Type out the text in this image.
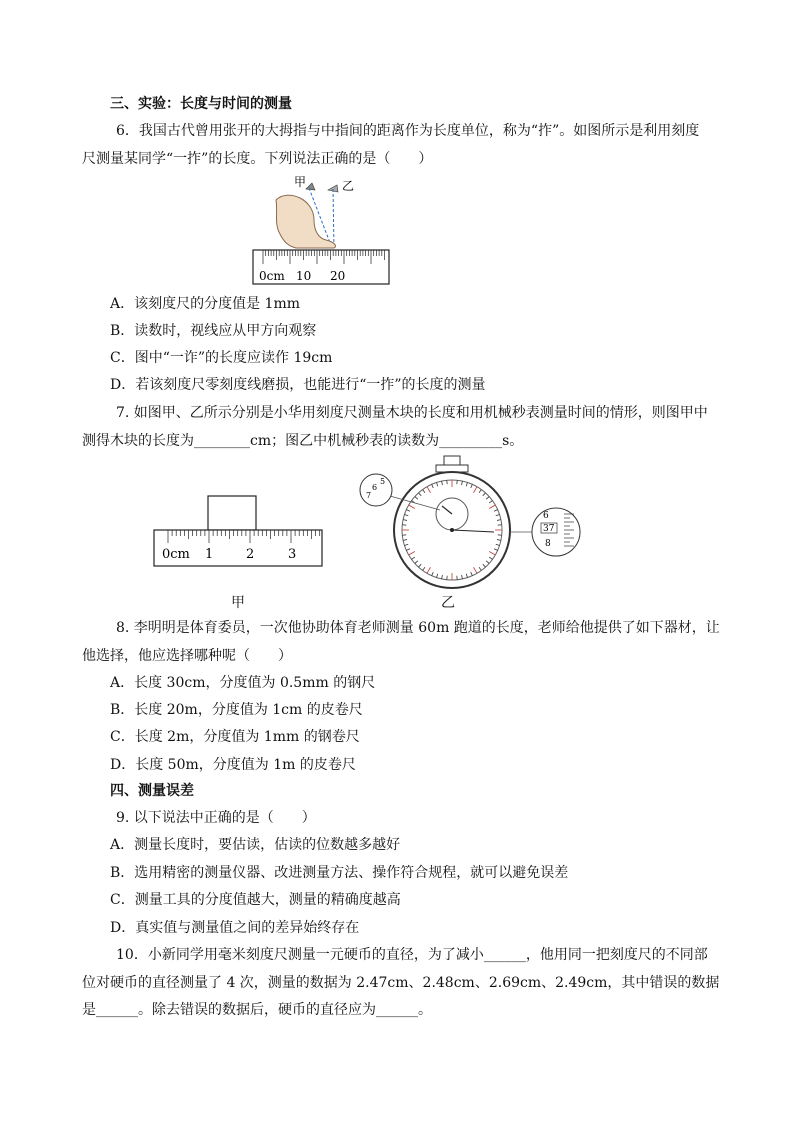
三、实验：长度与时间的测量
6．我国古代曾用张开的大拇指与中指间的距离作为长度单位，称为“拃”。如图所示是利用刻度
尺测量某同学“一拃”的长度。下列说法正确的是（　　）
甲	乙
0cm 10 20
A．该刻度尺的分度值是 1mm
B．读数时，视线应从甲方向观察
C．图中“一诈”的长度应读作 19cm
D．若该刻度尺零刻度线磨损，也能进行“一拃”的长度的测量
7. 如图甲、乙所示分别是小华用刻度尺测量木块的长度和用机械秒表测量时间的情形，则图甲中
测得木块的长度为________cm；图乙中机械秒表的读数为_________s。
0cm 1	2	3
甲
7
6
5
6
37
8
乙
8. 李明明是体育委员，一次他协助体育老师测量 60m 跑道的长度，老师给他提供了如下器材，让
他选择，他应选择哪种呢（　　）
A．长度 30cm，分度值为 0.5mm 的钢尺
B．长度 20m，分度值为 1cm 的皮卷尺
C．长度 2m，分度值为 1mm 的钢卷尺
D．长度 50m，分度值为 1m 的皮卷尺
四、测量误差
9. 以下说法中正确的是（　　）
A．测量长度时，要估读，估读的位数越多越好
B．选用精密的测量仪器、改进测量方法、操作符合规程，就可以避免误差
C．测量工具的分度值越大，测量的精确度越高
D．真实值与测量值之间的差异始终存在
10．小新同学用毫米刻度尺测量一元硬币的直径，为了减小______，他用同一把刻度尺的不同部
位对硬币的直径测量了 4 次，测量的数据为 2.47cm、2.48cm、2.69cm、2.49cm，其中错误的数据
是______。除去错误的数据后，硬币的直径应为______。
